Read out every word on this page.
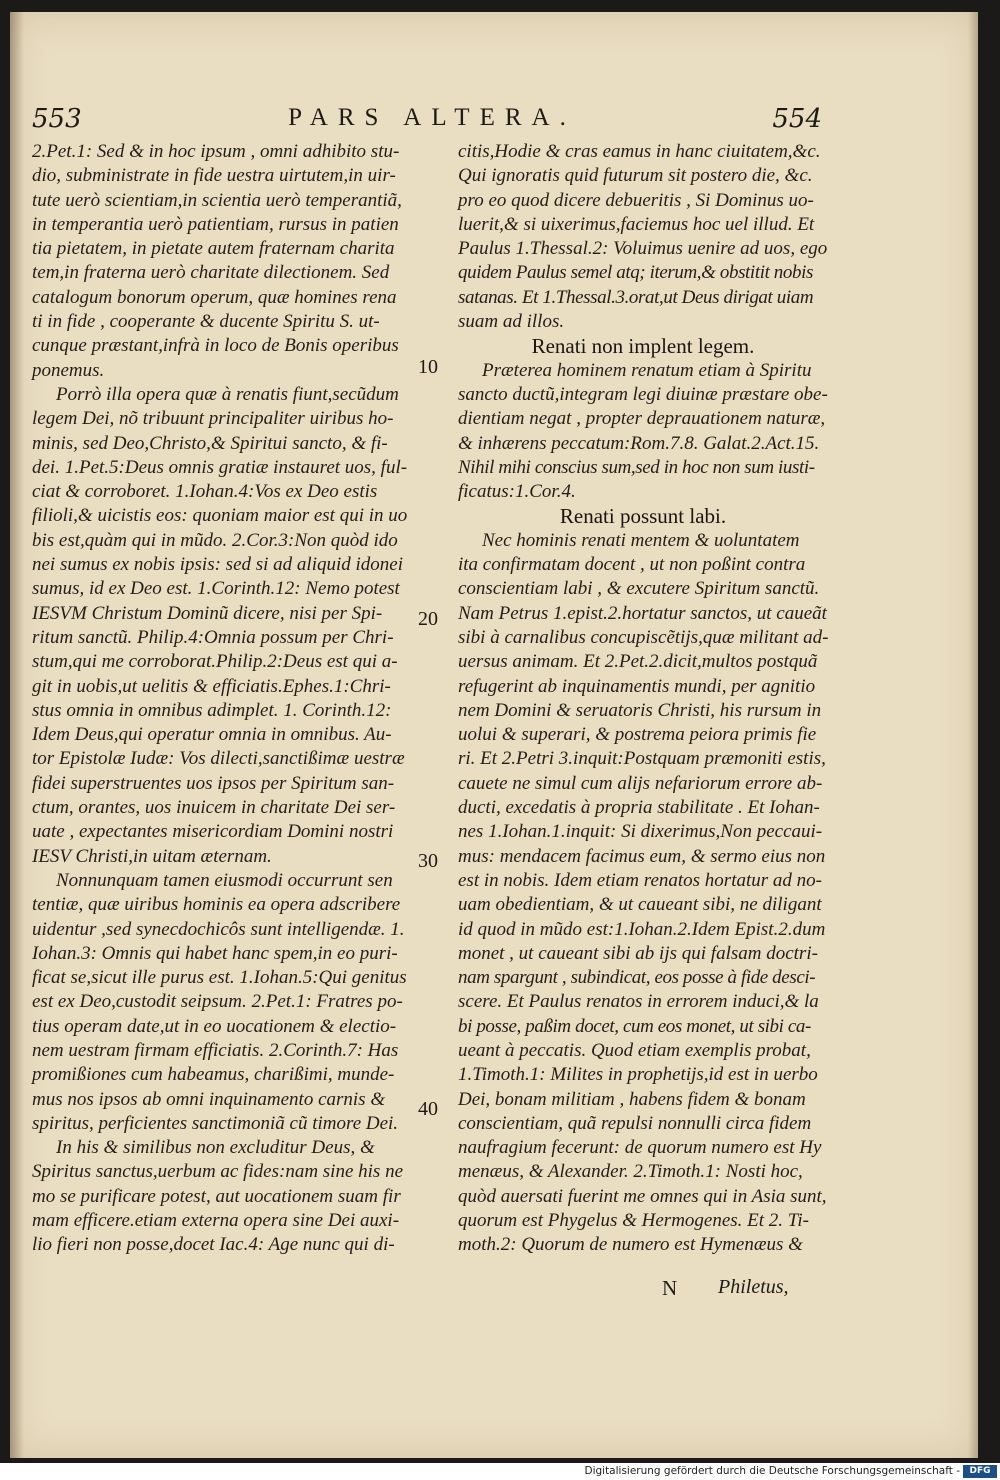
553	PARS ALTERA.	554

2.Pet.1: Sed & in hoc ipsum , omni adhibito stu-
dio, subministrate in fide uestra uirtutem,in uir-
tute uerò scientiam,in scientia uerò temperantiã,
in temperantia uerò patientiam, rursus in patien
tia pietatem, in pietate autem fraternam charita
tem,in fraterna uerò charitate dilectionem. Sed
catalogum bonorum operum, quæ homines rena
ti in fide , cooperante & ducente Spiritu S. ut-
cunque præstant,infrà in loco de Bonis operibus
ponemus.

Porrò illa opera quæ à renatis fiunt,secũdum
legem Dei, nõ tribuunt principaliter uiribus ho-
minis, sed Deo,Christo,& Spiritui sancto, & fi-
dei. 1.Pet.5:Deus omnis gratiæ instauret uos, ful-
ciat & corroboret. 1.Iohan.4:Vos ex Deo estis
filioli,& uicistis eos: quoniam maior est qui in uo
bis est,quàm qui in mũdo. 2.Cor.3:Non quòd ido
nei sumus ex nobis ipsis: sed si ad aliquid idonei
sumus, id ex Deo est. 1.Corinth.12: Nemo potest
IESVM Christum Dominũ dicere, nisi per Spi-
ritum sanctũ. Philip.4:Omnia possum per Chri-
stum,qui me corroborat.Philip.2:Deus est qui a-
git in uobis,ut uelitis & efficiatis.Ephes.1:Chri-
stus omnia in omnibus adimplet. 1. Corinth.12:
Idem Deus,qui operatur omnia in omnibus. Au-
tor Epistolæ Iudæ: Vos dilecti,sanctißimæ uestræ
fidei superstruentes uos ipsos per Spiritum san-
ctum, orantes, uos inuicem in charitate Dei ser-
uate , expectantes misericordiam Domini nostri
IESV Christi,in uitam æternam.

Nonnunquam tamen eiusmodi occurrunt sen
tentiæ, quæ uiribus hominis ea opera adscribere
uidentur ,sed synecdochicôs sunt intelligendæ. 1.
Iohan.3: Omnis qui habet hanc spem,in eo puri-
ficat se,sicut ille purus est. 1.Iohan.5:Qui genitus
est ex Deo,custodit seipsum. 2.Pet.1: Fratres po-
tius operam date,ut in eo uocationem & electio-
nem uestram firmam efficiatis. 2.Corinth.7: Has
promißiones cum habeamus, charißimi, munde-
mus nos ipsos ab omni inquinamento carnis &
spiritus, perficientes sanctimoniã cũ timore Dei.

In his & similibus non excluditur Deus, &
Spiritus sanctus,uerbum ac fides:nam sine his ne
mo se purificare potest, aut uocationem suam fir
mam efficere.etiam externa opera sine Dei auxi-
lio fieri non posse,docet Iac.4: Age nunc qui di-

citis,Hodie & cras eamus in hanc ciuitatem,&c.
Qui ignoratis quid futurum sit postero die, &c.
pro eo quod dicere debueritis , Si Dominus uo-
luerit,& si uixerimus,faciemus hoc uel illud. Et
Paulus 1.Thessal.2: Voluimus uenire ad uos, ego
quidem Paulus semel atq; iterum,& obstitit nobis
satanas. Et 1.Thessal.3.orat,ut Deus dirigat uiam
suam ad illos.

Renati non implent legem.

Præterea hominem renatum etiam à Spiritu
sancto ductũ,integram legi diuinæ præstare obe-
dientiam negat , propter deprauationem naturæ,
& inhærens peccatum:Rom.7.8. Galat.2.Act.15.
Nihil mihi conscius sum,sed in hoc non sum iusti-
ficatus:1.Cor.4.

Renati possunt labi.

Nec hominis renati mentem & uoluntatem
ita confirmatam docent , ut non poßint contra
conscientiam labi , & excutere Spiritum sanctũ.
Nam Petrus 1.epist.2.hortatur sanctos, ut caueãt
sibi à carnalibus concupiscẽtijs,quæ militant ad-
uersus animam. Et 2.Pet.2.dicit,multos postquã
refugerint ab inquinamentis mundi, per agnitio
nem Domini & seruatoris Christi, his rursum in
uolui & superari, & postrema peiora primis fie
ri. Et 2.Petri 3.inquit:Postquam præmoniti estis,
cauete ne simul cum alijs nefariorum errore ab-
ducti, excedatis à propria stabilitate . Et Iohan-
nes 1.Iohan.1.inquit: Si dixerimus,Non peccaui-
mus: mendacem facimus eum, & sermo eius non
est in nobis. Idem etiam renatos hortatur ad no-
uam obedientiam, & ut caueant sibi, ne diligant
id quod in mũdo est:1.Iohan.2.Idem Epist.2.dum
monet , ut caueant sibi ab ijs qui falsam doctri-
nam spargunt , subindicat, eos posse à fide desci-
scere. Et Paulus renatos in errorem induci,& la
bi posse, paßim docet, cum eos monet, ut sibi ca-
ueant à peccatis. Quod etiam exemplis probat,
1.Timoth.1: Milites in prophetijs,id est in uerbo
Dei, bonam militiam , habens fidem & bonam
conscientiam, quã repulsi nonnulli circa fidem
naufragium fecerunt: de quorum numero est Hy
menæus, & Alexander. 2.Timoth.1: Nosti hoc,
quòd auersati fuerint me omnes qui in Asia sunt,
quorum est Phygelus & Hermogenes. Et 2. Ti-
moth.2: Quorum de numero est Hymenæus &

10
20
30
40
N Philetus,
Digitalisierung gefördert durch die Deutsche Forschungsgemeinschaft -	DFG
